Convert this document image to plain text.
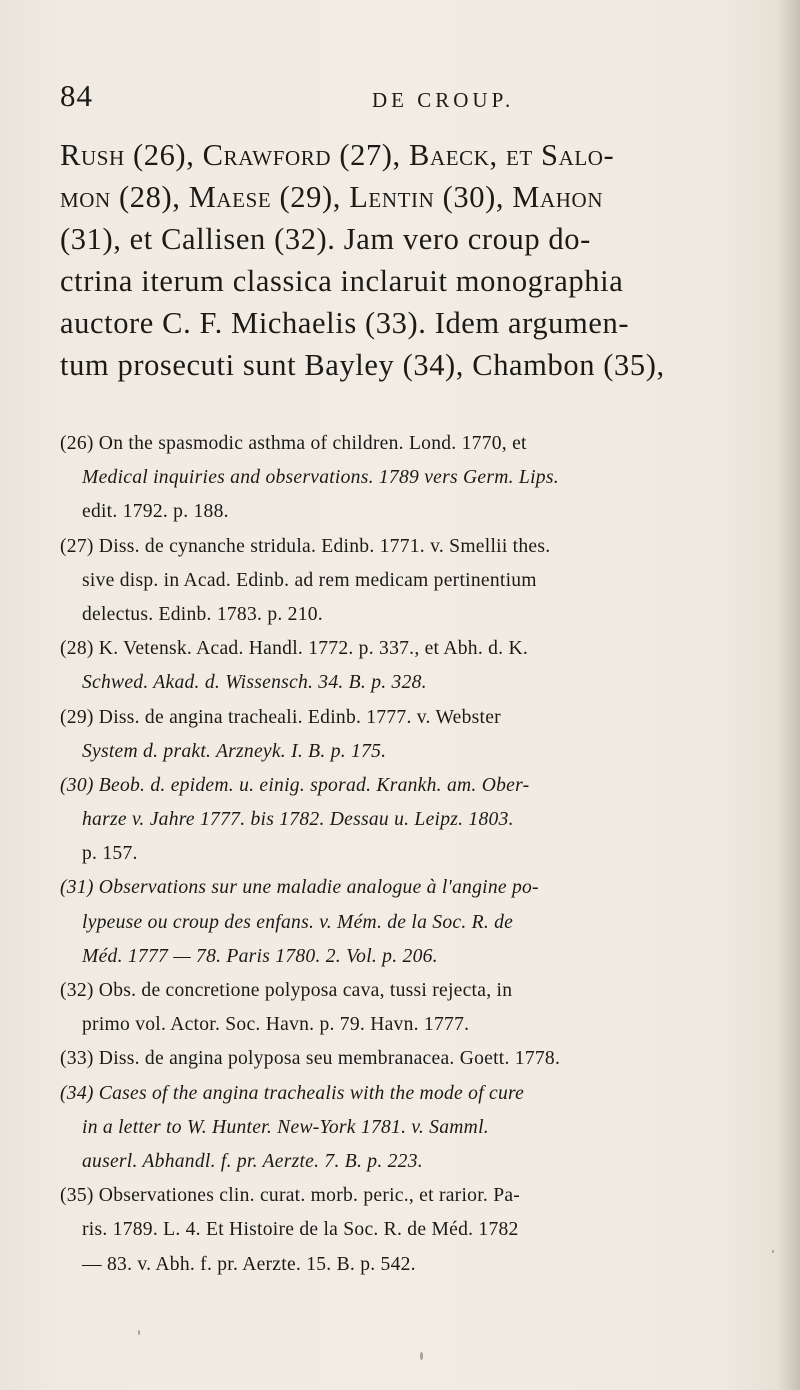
84	DE CROUP.
Rush (26), Crawford (27), Baeck, et Salo-
mon (28), Maese (29), Lentin (30), Mahon
(31), et Callisen (32). Jam vero croup do-
ctrina iterum classica inclaruit monographia
auctore C. F. Michaelis (33). Idem argumen-
tum prosecuti sunt Bayley (34), Chambon (35),
(26) On the spasmodic asthma of children. Lond. 1770, et
Medical inquiries and observations. 1789 vers Germ. Lips.
edit. 1792. p. 188.
(27) Diss. de cynanche stridula. Edinb. 1771. v. Smellii thes.
sive disp. in Acad. Edinb. ad rem medicam pertinentium
delectus. Edinb. 1783. p. 210.
(28) K. Vetensk. Acad. Handl. 1772. p. 337., et Abh. d. K.
Schwed. Akad. d. Wissensch. 34. B. p. 328.
(29) Diss. de angina tracheali. Edinb. 1777. v. Webster
System d. prakt. Arzneyk. I. B. p. 175.
(30) Beob. d. epidem. u. einig. sporad. Krankh. am. Ober-
harze v. Jahre 1777. bis 1782. Dessau u. Leipz. 1803.
p. 157.
(31) Observations sur une maladie analogue à l'angine po-
lypeuse ou croup des enfans. v. Mém. de la Soc. R. de
Méd. 1777 — 78. Paris 1780. 2. Vol. p. 206.
(32) Obs. de concretione polyposa cava, tussi rejecta, in
primo vol. Actor. Soc. Havn. p. 79. Havn. 1777.
(33) Diss. de angina polyposa seu membranacea. Goett. 1778.
(34) Cases of the angina trachealis with the mode of cure
in a letter to W. Hunter. New-York 1781. v. Samml.
auserl. Abhandl. f. pr. Aerzte. 7. B. p. 223.
(35) Observationes clin. curat. morb. peric., et rarior. Pa-
ris. 1789. L. 4. Et Histoire de la Soc. R. de Méd. 1782
— 83. v. Abh. f. pr. Aerzte. 15. B. p. 542.
